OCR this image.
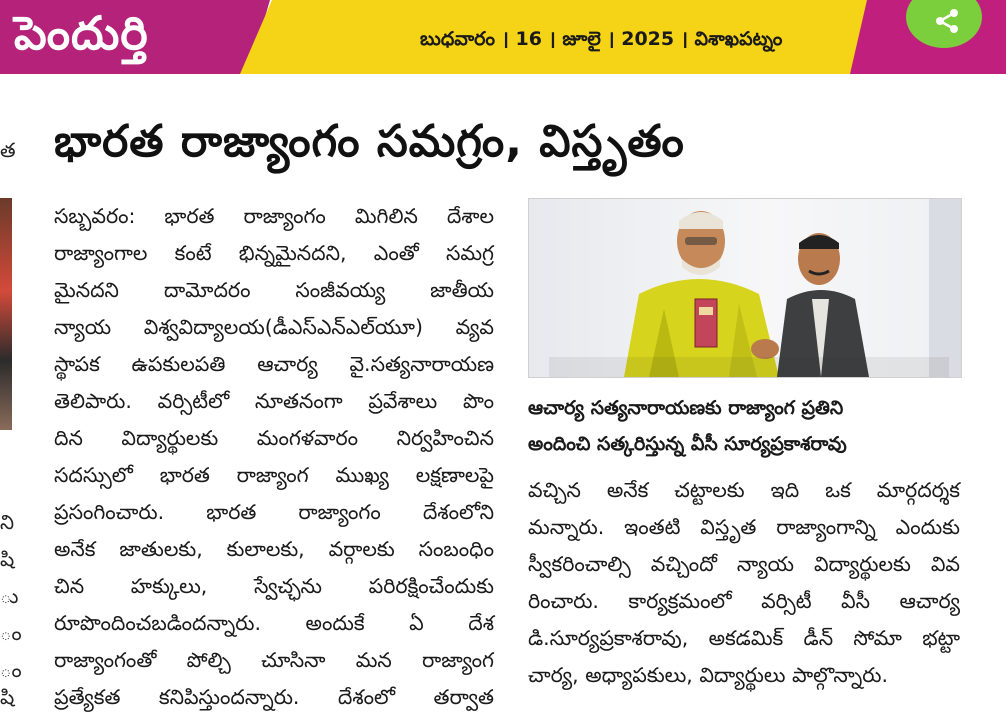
పెందుర్తి	బుధవారం । 16 । జూలై । 2025 । విశాఖపట్నం
త
ని
షి
ు
ం
ం
షి
భారత రాజ్యాంగం సమగ్రం, విస్తృతం
సబ్బవరం: భారత రాజ్యాంగం మిగిలిన దేశాల
రాజ్యాంగాల కంటే భిన్నమైనదని, ఎంతో సమగ్ర
మైనదని దామోదరం సంజీవయ్య జాతీయ
న్యాయ విశ్వవిద్యాలయ(డీఎస్ఎన్ఎల్‌యూ) వ్యవ
స్థాపక ఉపకులపతి ఆచార్య వై.సత్యనారాయణ
తెలిపారు. వర్సిటీలో నూతనంగా ప్రవేశాలు పొం
దిన విద్యార్థులకు మంగళవారం నిర్వహించిన
సదస్సులో భారత రాజ్యాంగ ముఖ్య లక్షణాలపై
ప్రసంగించారు. భారత రాజ్యాంగం దేశంలోని
అనేక జాతులకు, కులాలకు, వర్గాలకు సంబంధిం
చిన హక్కులు, స్వేచ్ఛను పరిరక్షించేందుకు
రూపొందించబడిందన్నారు. అందుకే ఏ దేశ
రాజ్యాంగంతో పోల్చి చూసినా మన రాజ్యాంగ
ప్రత్యేకత కనిపిస్తుందన్నారు. దేశంలో తర్వాత
ఆచార్య సత్యనారాయణకు రాజ్యాంగ ప్రతిని
అందించి సత్కరిస్తున్న వీసీ సూర్యప్రకాశరావు
వచ్చిన అనేక చట్టాలకు ఇది ఒక మార్గదర్శక
మన్నారు. ఇంతటి విస్తృత రాజ్యాంగాన్ని ఎందుకు
స్వీకరించాల్సి వచ్చిందో న్యాయ విద్యార్థులకు వివ
రించారు. కార్యక్రమంలో వర్సిటీ వీసీ ఆచార్య
డి.సూర్యప్రకాశరావు, అకడమిక్ డీన్ సోమా భట్టా
చార్య, అధ్యాపకులు, విద్యార్థులు పాల్గొన్నారు.
